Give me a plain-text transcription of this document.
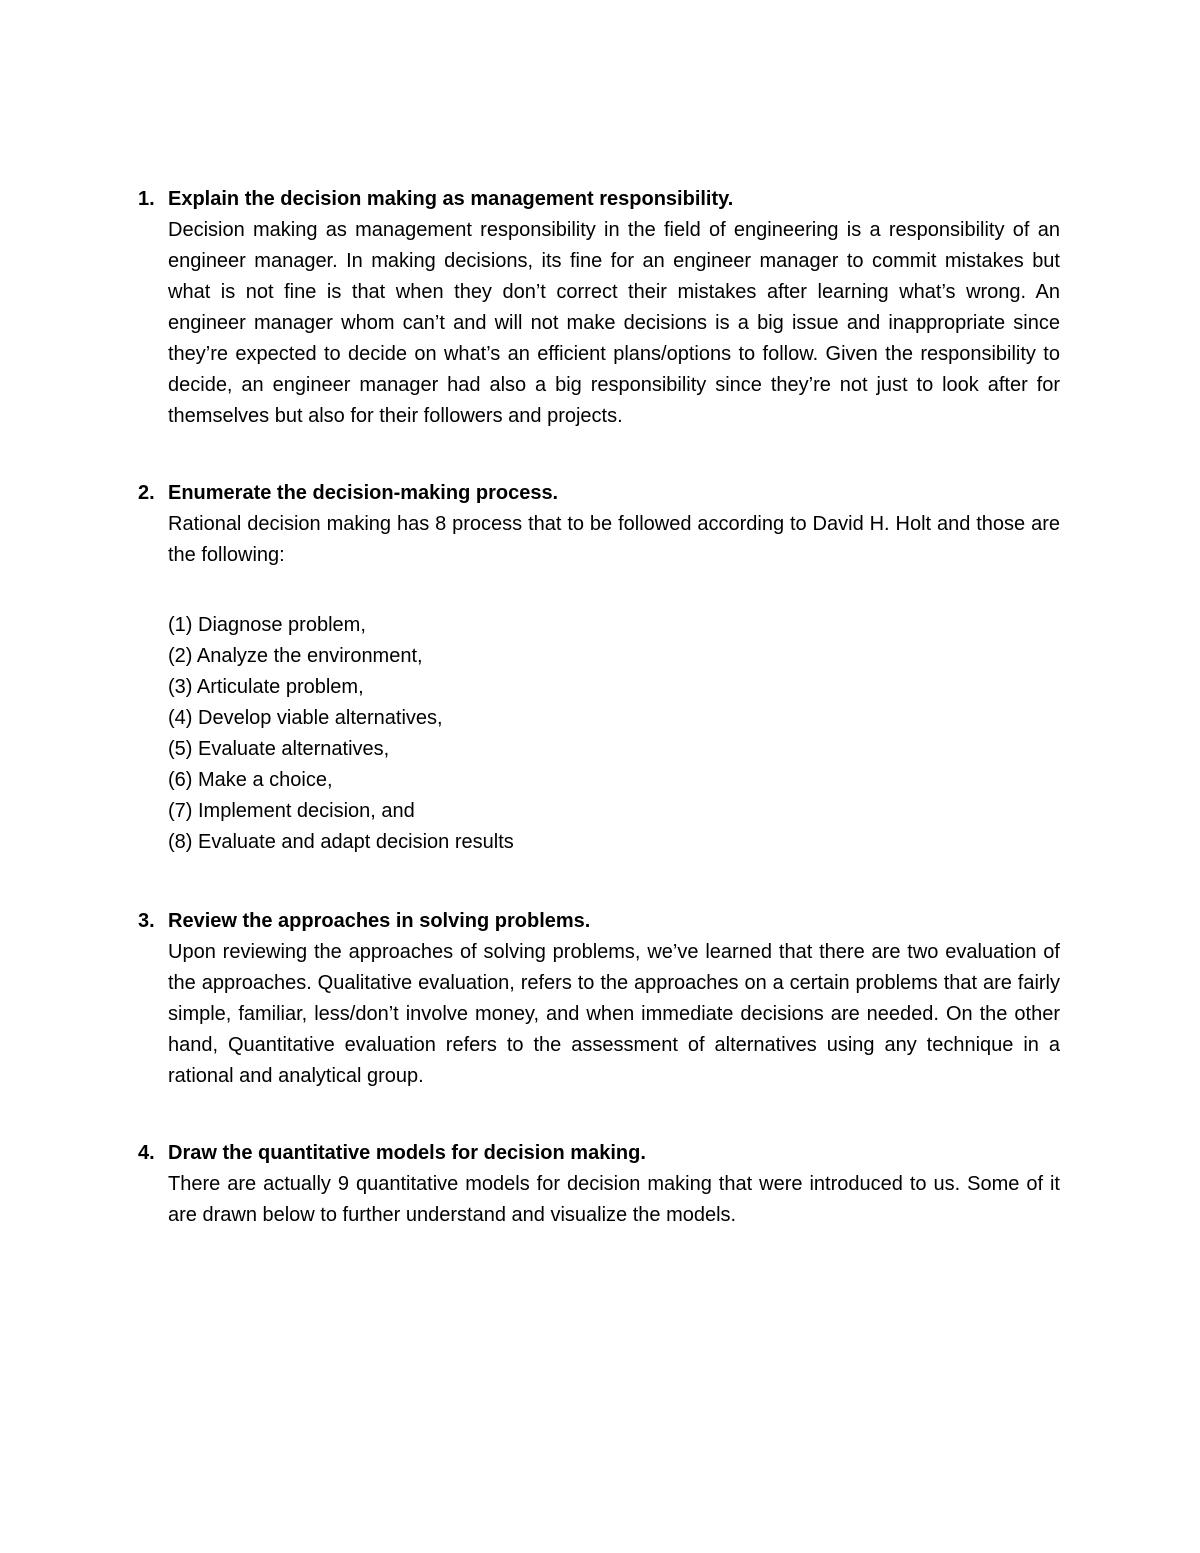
1. Explain the decision making as management responsibility.

Decision making as management responsibility in the field of engineering is a responsibility of an engineer manager. In making decisions, its fine for an engineer manager to commit mistakes but what is not fine is that when they don’t correct their mistakes after learning what’s wrong. An engineer manager whom can’t and will not make decisions is a big issue and inappropriate since they’re expected to decide on what’s an efficient plans/options to follow. Given the responsibility to decide, an engineer manager had also a big responsibility since they’re not just to look after for themselves but also for their followers and projects.

2. Enumerate the decision-making process.

Rational decision making has 8 process that to be followed according to David H. Holt and those are the following:

(1) Diagnose problem,
(2) Analyze the environment,
(3) Articulate problem,
(4) Develop viable alternatives,
(5) Evaluate alternatives,
(6) Make a choice,
(7) Implement decision, and
(8) Evaluate and adapt decision results
3. Review the approaches in solving problems.

Upon reviewing the approaches of solving problems, we’ve learned that there are two evaluation of the approaches. Qualitative evaluation, refers to the approaches on a certain problems that are fairly simple, familiar, less/don’t involve money, and when immediate decisions are needed. On the other hand, Quantitative evaluation refers to the assessment of alternatives using any technique in a rational and analytical group.

4. Draw the quantitative models for decision making.

There are actually 9 quantitative models for decision making that were introduced to us. Some of it are drawn below to further understand and visualize the models.
